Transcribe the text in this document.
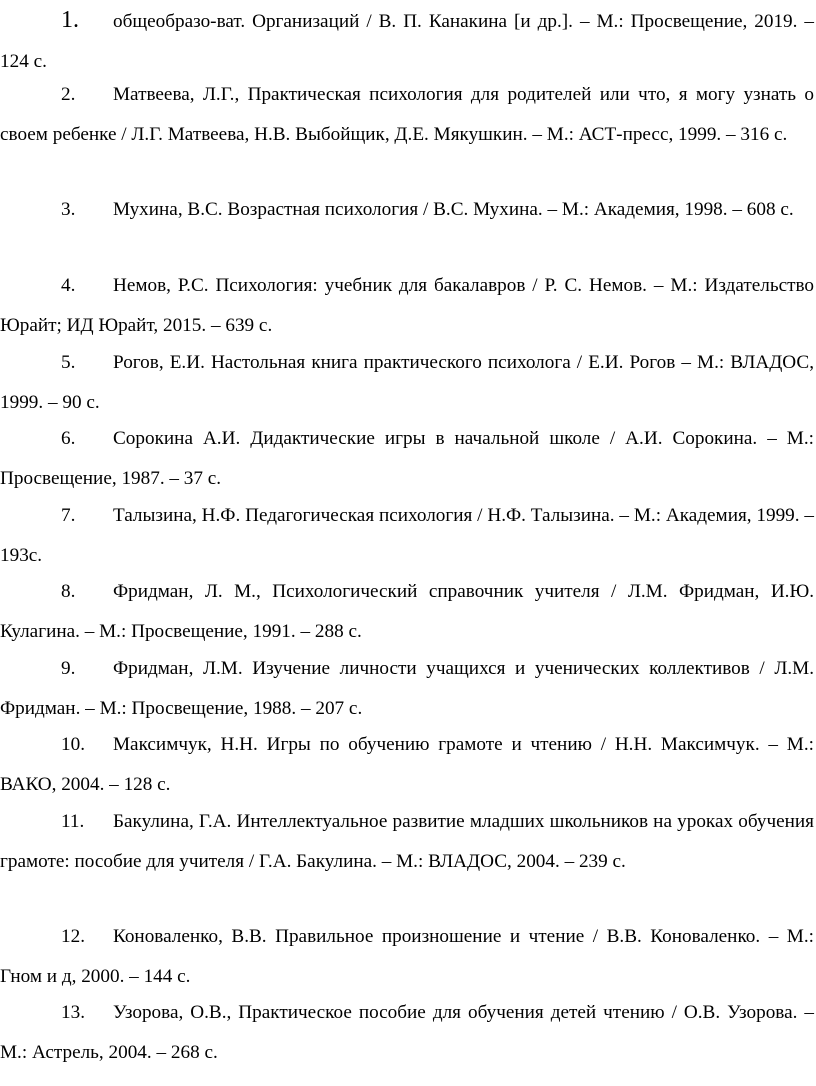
1. общеобразо-ват. Организаций / В. П. Канакина [и др.]. – М.: Просвещение, 2019. – 124 с.

2. Матвеева, Л.Г., Практическая психология для родителей или что, я могу узнать о своем ребенке / Л.Г. Матвеева, Н.В. Выбойщик, Д.Е. Мякушкин. – М.: АСТ-пресс, 1999. – 316 с.

3. Мухина, В.С. Возрастная психология / В.С. Мухина. – М.: Академия, 1998. – 608 с.

4. Немов, Р.С. Психология: учебник для бакалавров / Р. С. Немов. – М.: Издательство Юрайт; ИД Юрайт, 2015. – 639 с.

5. Рогов, Е.И. Настольная книга практического психолога / Е.И. Рогов – М.: ВЛАДОС, 1999. – 90 с.

6. Сорокина А.И. Дидактические игры в начальной школе / А.И. Сорокина. – М.: Просвещение, 1987. – 37 с.

7. Талызина, Н.Ф. Педагогическая психология / Н.Ф. Талызина. – М.: Академия, 1999. – 193с.

8. Фридман, Л. М., Психологический справочник учителя / Л.М. Фридман, И.Ю. Кулагина. – М.: Просвещение, 1991. – 288 с.

9. Фридман, Л.М. Изучение личности учащихся и ученических коллективов / Л.М. Фридман. – М.: Просвещение, 1988. – 207 с.

10. Максимчук, Н.Н. Игры по обучению грамоте и чтению / Н.Н. Максимчук. – М.: ВАКО, 2004. – 128 с.

11. Бакулина, Г.А. Интеллектуальное развитие младших школьников на уроках обучения грамоте: пособие для учителя / Г.А. Бакулина. – М.: ВЛАДОС, 2004. – 239 с.

12. Коноваленко, В.В. Правильное произношение и чтение / В.В. Коноваленко. – М.: Гном и д, 2000. – 144 с.

13. Узорова, О.В., Практическое пособие для обучения детей чтению / О.В. Узорова. – М.: Астрель, 2004. – 268 с.
